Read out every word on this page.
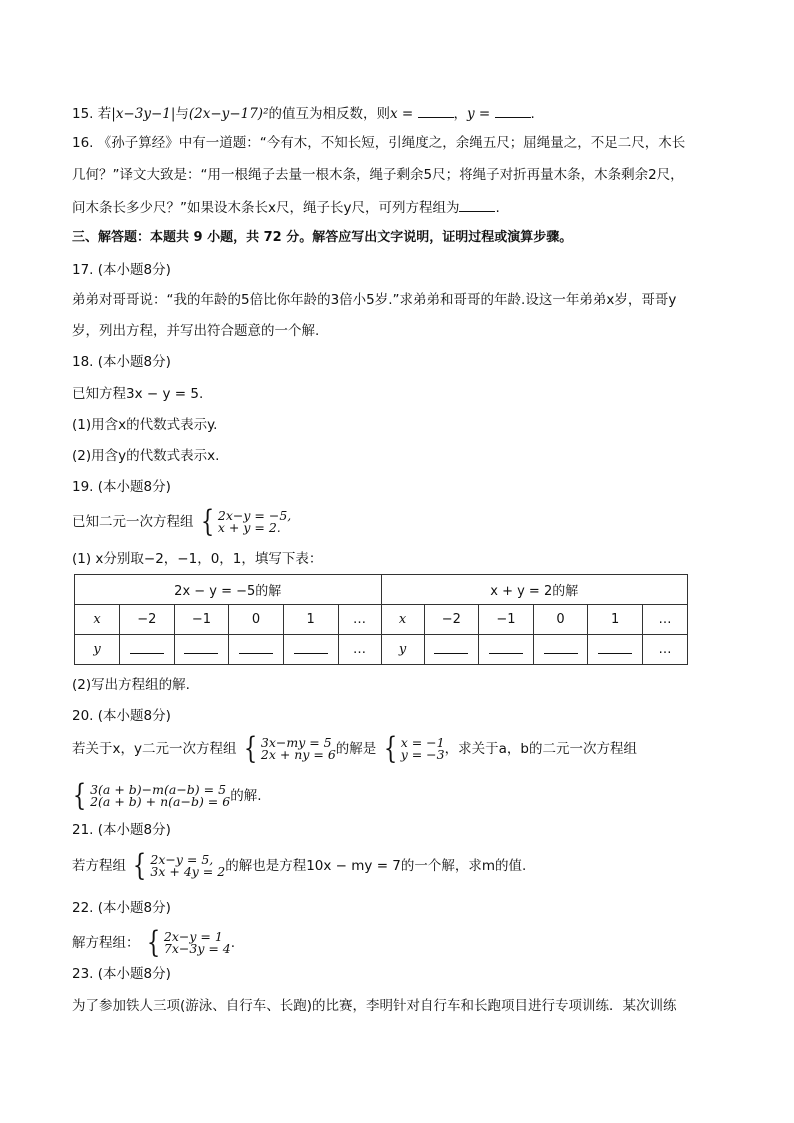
15. 若|x−3y−1|与(2x−y−17)²的值互为相反数，则x =	，y =	.
16. 《孙子算经》中有一道题：“今有木，不知长短，引绳度之，余绳五尺；屈绳量之，不足二尺，木长
几何？”译文大致是：“用一根绳子去量一根木条，绳子剩余5尺；将绳子对折再量木条，木条剩余2尺，
问木条长多少尺？”如果设木条长x尺，绳子长y尺，可列方程组为	.
三、解答题：本题共 9 小题，共 72 分。解答应写出文字说明，证明过程或演算步骤。
17. (本小题8分)
弟弟对哥哥说：“我的年龄的5倍比你年龄的3倍小5岁.”求弟弟和哥哥的年龄.设这一年弟弟x岁，哥哥y
岁，列出方程，并写出符合题意的一个解.
18. (本小题8分)
已知方程3x − y = 5.
(1)用含x的代数式表示y.
(2)用含y的代数式表示x.
19. (本小题8分)
已知二元一次方程组 { 2x−y = −5,
x + y = 2.
(1) x分别取−2，−1，0，1，填写下表：
2x − y = −5的解						x + y = 2的解					
x	−2	−1	0	1	…	x	−2	−1	0	1	…
y					…	y					…
(2)写出方程组的解.
20. (本小题8分)
若关于x，y二元一次方程组 { 3x−my = 5
2x + ny = 6 的解是 { x = −1
y = −3 ，求关于a，b的二元一次方程组
{ 3(a + b)−m(a−b) = 5
2(a + b) + n(a−b) = 6 的解.
21. (本小题8分)
若方程组 { 2x−y = 5,
3x + 4y = 2 的解也是方程10x − my = 7的一个解，求m的值.
22. (本小题8分)
解方程组： { 2x−y = 1
7x−3y = 4 .
23. (本小题8分)
为了参加铁人三项(游泳、自行车、长跑)的比赛，李明针对自行车和长跑项目进行专项训练．某次训练
